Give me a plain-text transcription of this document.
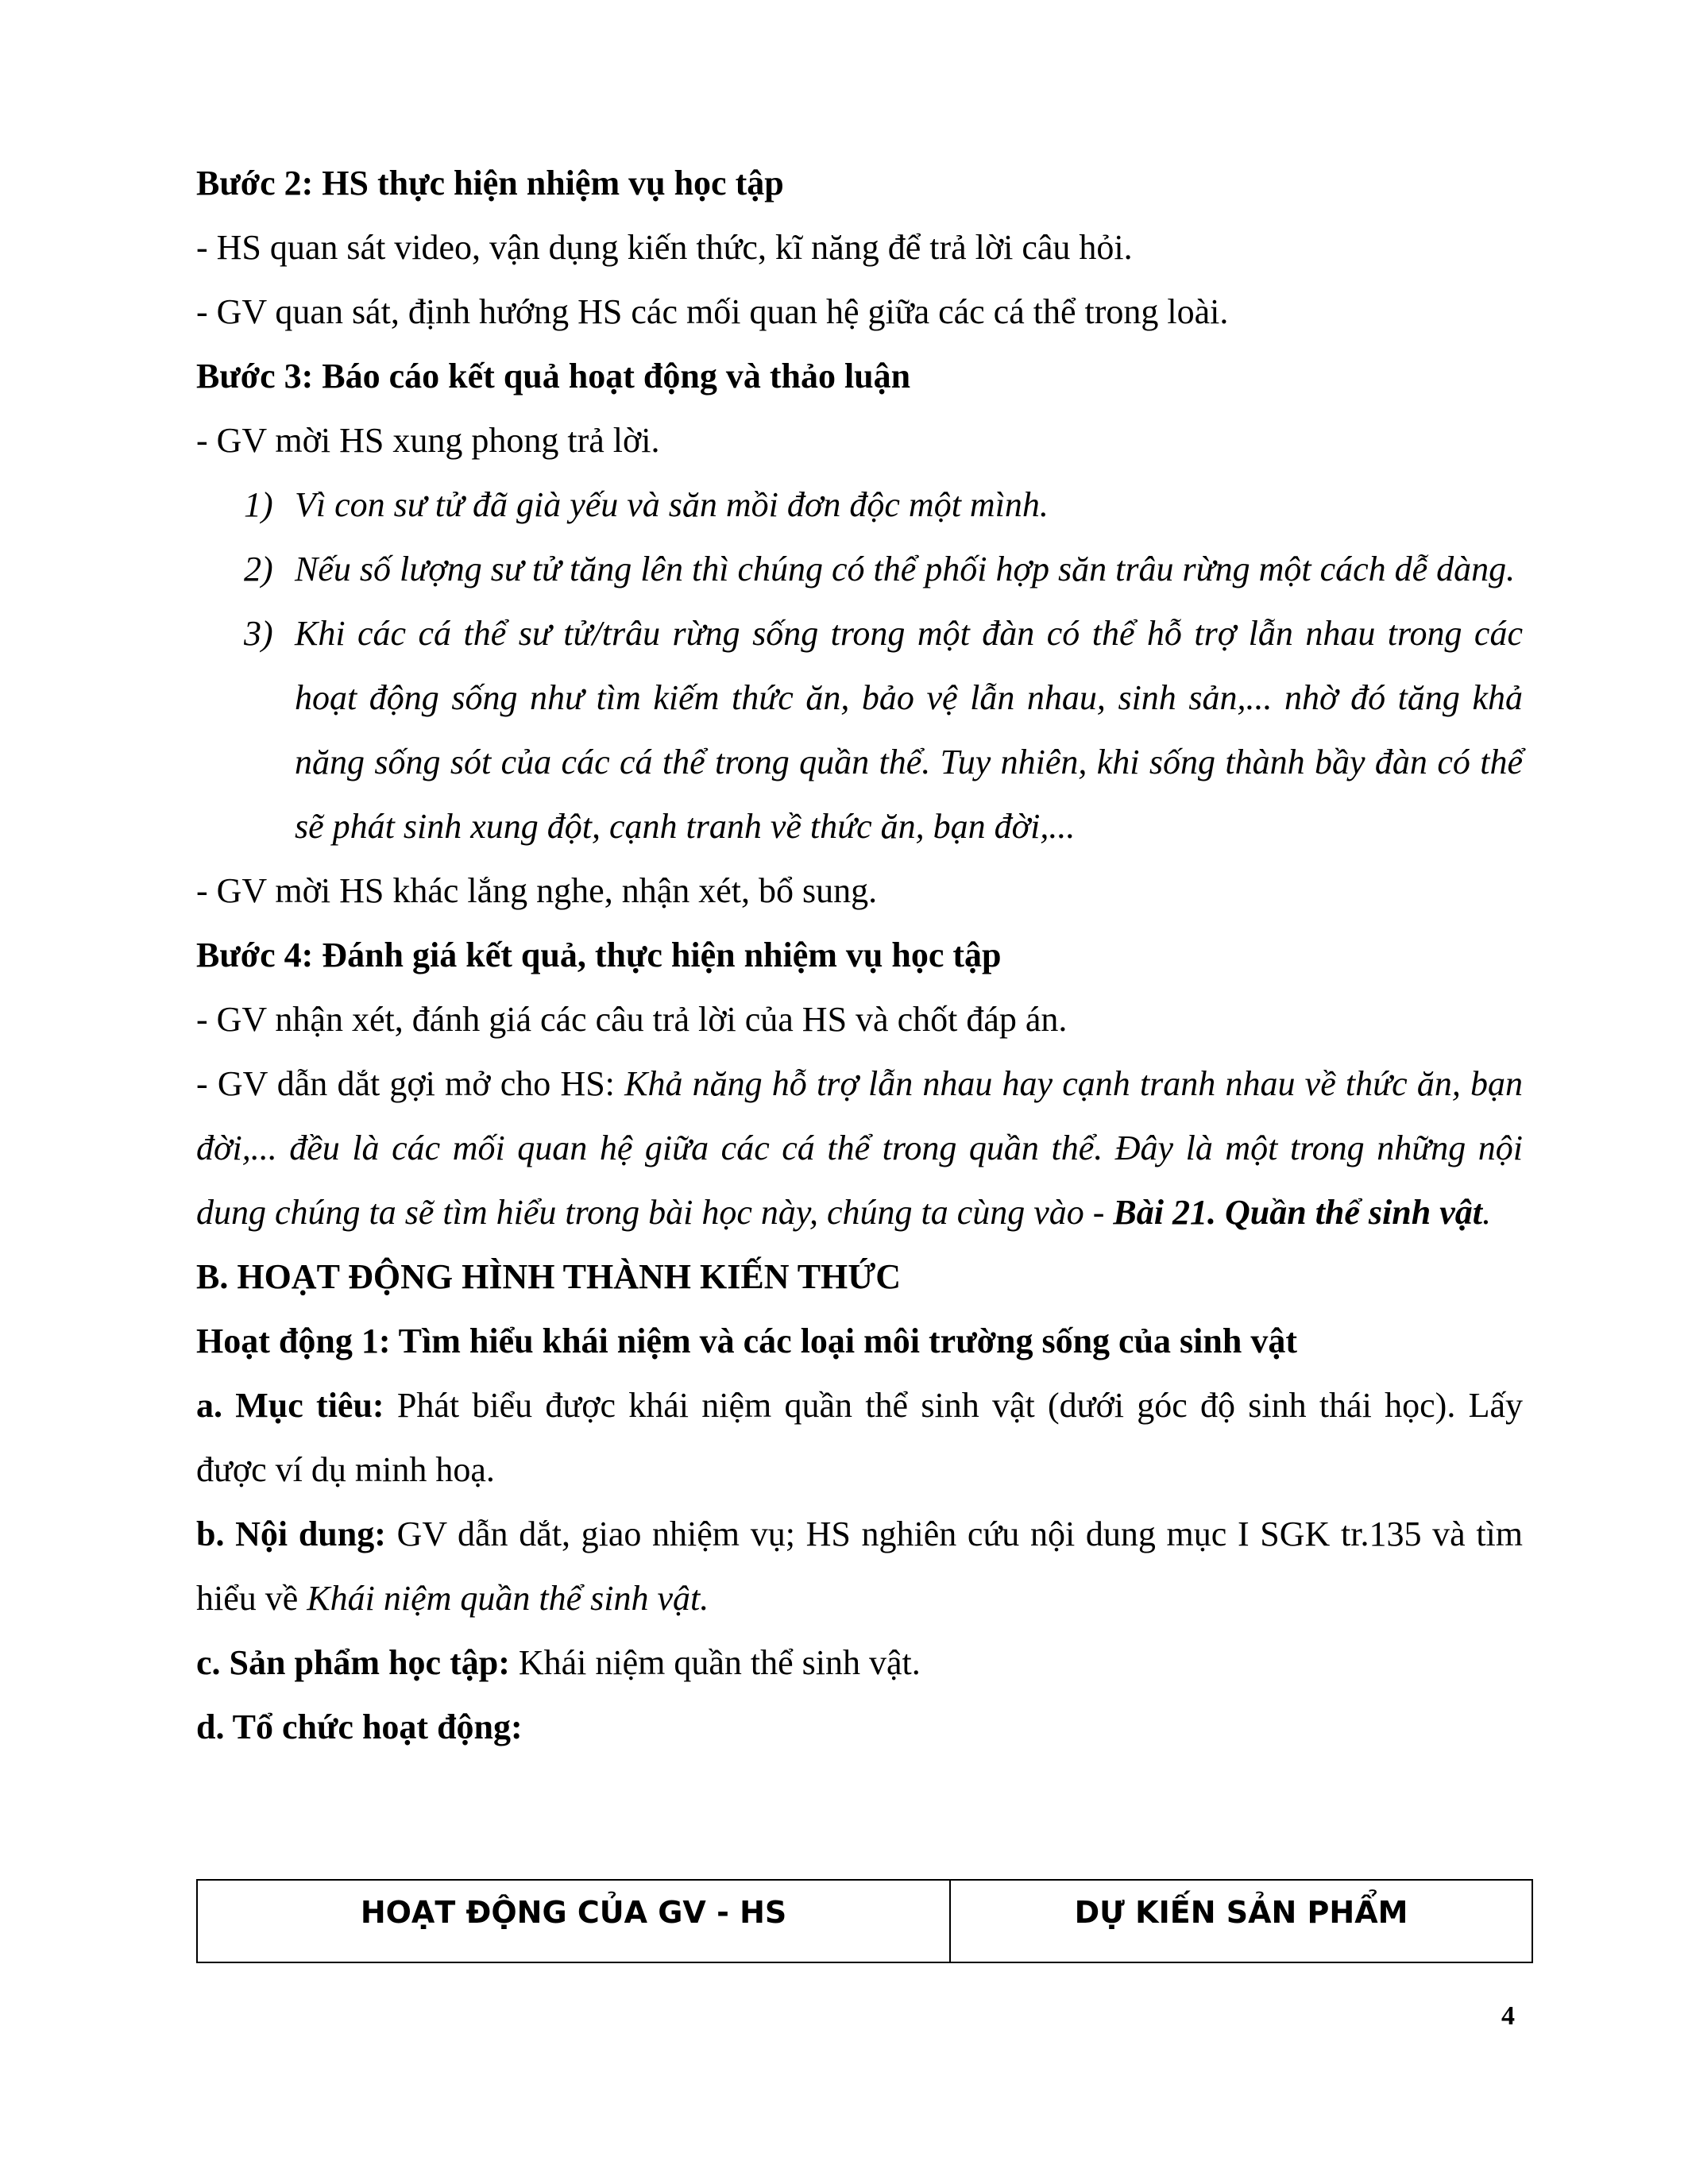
Bước 2: HS thực hiện nhiệm vụ học tập
- HS quan sát video, vận dụng kiến thức, kĩ năng để trả lời câu hỏi.
- GV quan sát, định hướng HS các mối quan hệ giữa các cá thể trong loài.
Bước 3: Báo cáo kết quả hoạt động và thảo luận
- GV mời HS xung phong trả lời.
1) Vì con sư tử đã già yếu và săn mồi đơn độc một mình.
2) Nếu số lượng sư tử tăng lên thì chúng có thể phối hợp săn trâu rừng một cách dễ dàng.
3) Khi các cá thể sư tử/trâu rừng sống trong một đàn có thể hỗ trợ lẫn nhau trong các hoạt động sống như tìm kiếm thức ăn, bảo vệ lẫn nhau, sinh sản,... nhờ đó tăng khả năng sống sót của các cá thể trong quần thể. Tuy nhiên, khi sống thành bầy đàn có thể sẽ phát sinh xung đột, cạnh tranh về thức ăn, bạn đời,...
- GV mời HS khác lắng nghe, nhận xét, bổ sung.
Bước 4: Đánh giá kết quả, thực hiện nhiệm vụ học tập
- GV nhận xét, đánh giá các câu trả lời của HS và chốt đáp án.
- GV dẫn dắt gợi mở cho HS: Khả năng hỗ trợ lẫn nhau hay cạnh tranh nhau về thức ăn, bạn đời,... đều là các mối quan hệ giữa các cá thể trong quần thể. Đây là một trong những nội dung chúng ta sẽ tìm hiểu trong bài học này, chúng ta cùng vào - Bài 21. Quần thể sinh vật.
B. HOẠT ĐỘNG HÌNH THÀNH KIẾN THỨC
Hoạt động 1: Tìm hiểu khái niệm và các loại môi trường sống của sinh vật
a. Mục tiêu: Phát biểu được khái niệm quần thể sinh vật (dưới góc độ sinh thái học). Lấy được ví dụ minh hoạ.
b. Nội dung: GV dẫn dắt, giao nhiệm vụ; HS nghiên cứu nội dung mục I SGK tr.135 và tìm hiểu về Khái niệm quần thể sinh vật.
c. Sản phẩm học tập: Khái niệm quần thể sinh vật.
d. Tổ chức hoạt động:
HOẠT ĐỘNG CỦA GV - HS	DỰ KIẾN SẢN PHẨM
4
